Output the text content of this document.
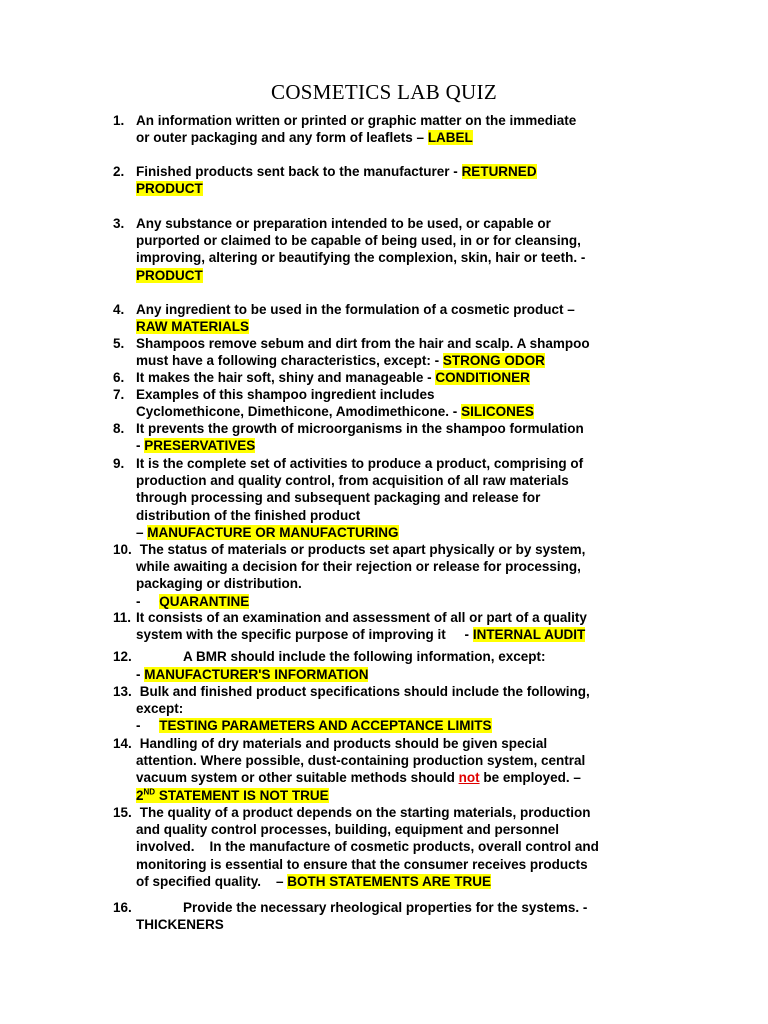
COSMETICS LAB QUIZ
1. An information written or printed or graphic matter on the immediate
or outer packaging and any form of leaflets – LABEL
2. Finished products sent back to the manufacturer - RETURNED
PRODUCT
3. Any substance or preparation intended to be used, or capable or
purported or claimed to be capable of being used, in or for cleansing,
improving, altering or beautifying the complexion, skin, hair or teeth. -
PRODUCT
4. Any ingredient to be used in the formulation of a cosmetic product –
RAW MATERIALS
5. Shampoos remove sebum and dirt from the hair and scalp. A shampoo
must have a following characteristics, except: - STRONG ODOR
6. It makes the hair soft, shiny and manageable - CONDITIONER
7. Examples of this shampoo ingredient includes
Cyclomethicone, Dimethicone, Amodimethicone. - SILICONES
8. It prevents the growth of microorganisms in the shampoo formulation
- PRESERVATIVES
9. It is the complete set of activities to produce a product, comprising of
production and quality control, from acquisition of all raw materials
through processing and subsequent packaging and release for
distribution of the finished product
– MANUFACTURE OR MANUFACTURING
10. The status of materials or products set apart physically or by system,
while awaiting a decision for their rejection or release for processing,
packaging or distribution.
-     QUARANTINE
11. It consists of an examination and assessment of all or part of a quality
system with the specific purpose of improving it     - INTERNAL AUDIT
12.	A BMR should include the following information, except:
- MANUFACTURER'S INFORMATION
13. Bulk and finished product specifications should include the following,
except:
-     TESTING PARAMETERS AND ACCEPTANCE LIMITS
14. Handling of dry materials and products should be given special
attention. Where possible, dust-containing production system, central
vacuum system or other suitable methods should not be employed. –
2ND STATEMENT IS NOT TRUE
15. The quality of a product depends on the starting materials, production
and quality control processes, building, equipment and personnel
involved.    In the manufacture of cosmetic products, overall control and
monitoring is essential to ensure that the consumer receives products
of specified quality.    – BOTH STATEMENTS ARE TRUE
16.	Provide the necessary rheological properties for the systems. -
THICKENERS
